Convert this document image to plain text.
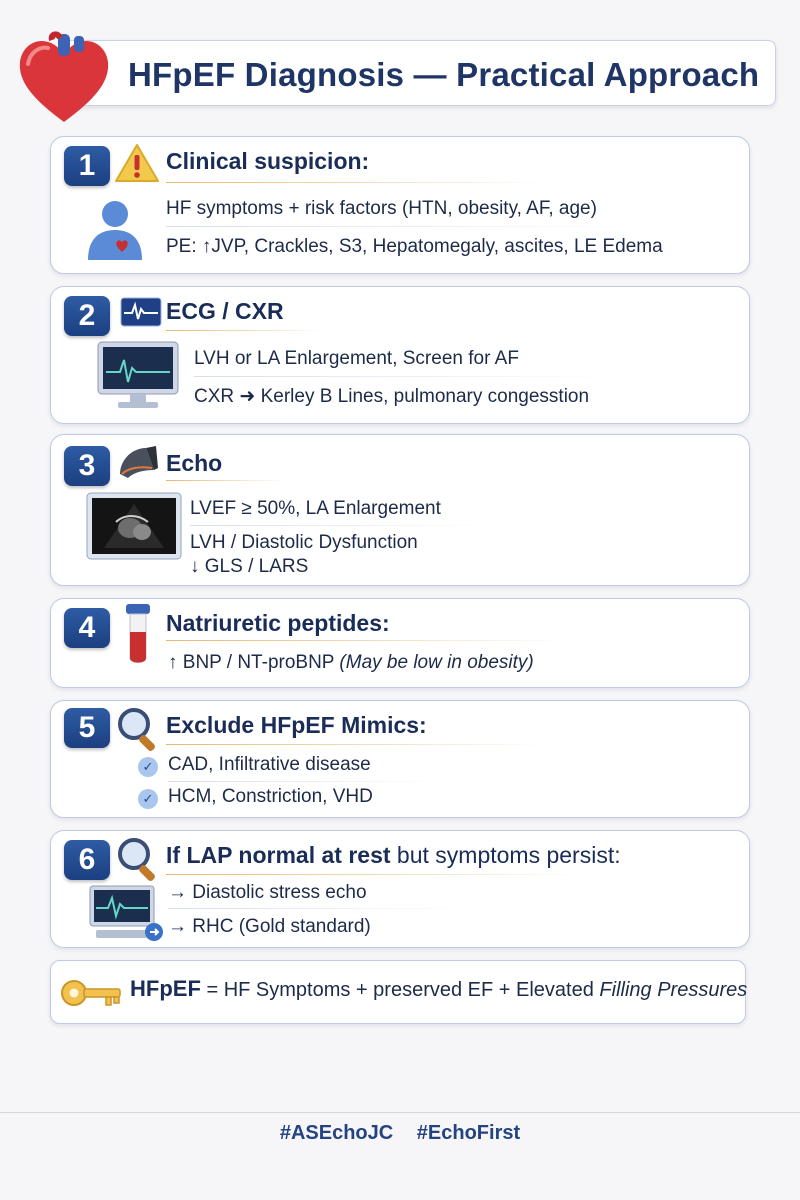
HFpEF Diagnosis — Practical Approach
1	Clinical suspicion:
HF symptoms + risk factors (HTN, obesity, AF, age)
PE: ↑JVP, Crackles, S3, Hepatomegaly, ascites, LE Edema
2	ECG / CXR
LVH or LA Enlargement, Screen for AF
CXR ➜ Kerley B Lines, pulmonary congesstion
3	Echo
LVEF ≥ 50%, LA Enlargement
LVH / Diastolic Dysfunction
↓ GLS / LARS
4	Natriuretic peptides:
↑ BNP / NT-proBNP (May be low in obesity)
5	Exclude HFpEF Mimics:
✓ CAD, Infiltrative disease
✓ HCM, Constriction, VHD
6	If LAP normal at rest but symptoms persist:
→ Diastolic stress echo
→ RHC (Gold standard)
HFpEF = HF Symptoms + preserved EF + Elevated Filling Pressures
#ASEchoJC #EchoFirst
